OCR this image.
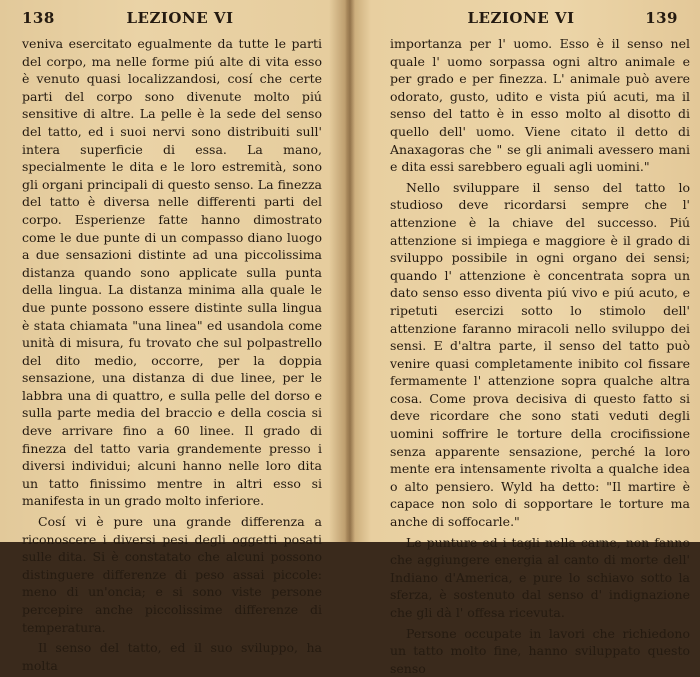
138	LEZIONE VI

veniva esercitato egualmente da tutte le parti del corpo, ma nelle forme piú alte di vita esso è venuto quasi localizzandosi, cosí che certe parti del corpo sono divenute molto piú sensitive di altre. La pelle è la sede del senso del tatto, ed i suoi nervi sono distribuiti sull' intera superficie di essa. La mano, specialmente le dita e le loro estremità, sono gli organi principali di questo senso. La finezza del tatto è diversa nelle differenti parti del corpo. Esperienze fatte hanno dimostrato come le due punte di un compasso diano luogo a due sensazioni distinte ad una piccolissima distanza quando sono applicate sulla punta della lingua. La distanza minima alla quale le due punte possono essere distinte sulla lingua è stata chiamata "una linea" ed usandola come unità di misura, fu trovato che sul polpastrello del dito medio, occorre, per la doppia sensazione, una distanza di due linee, per le labbra una di quattro, e sulla pelle del dorso e sulla parte media del braccio e della coscia si deve arrivare fino a 60 linee. Il grado di finezza del tatto varia grandemente presso i diversi individui; alcuni hanno nelle loro dita un tatto finissimo mentre in altri esso si manifesta in un grado molto inferiore.

Cosí vi è pure una grande differenza a riconoscere i diversi pesi degli oggetti posati sulle dita. Si è constatato che alcuni possono distinguere differenze di peso assai piccole: meno di un'oncia; e si sono viste persone percepire anche piccolissime differenze di temperatura.

Il senso del tatto, ed il suo sviluppo, ha molta

LEZIONE VI	139

importanza per l' uomo. Esso è il senso nel quale l' uomo sorpassa ogni altro animale e per grado e per finezza. L' animale può avere odorato, gusto, udito e vista piú acuti, ma il senso del tatto è in esso molto al disotto di quello dell' uomo. Viene citato il detto di Anaxagoras che " se gli animali avessero mani e dita essi sarebbero eguali agli uomini."

Nello sviluppare il senso del tatto lo studioso deve ricordarsi sempre che l' attenzione è la chiave del successo. Piú attenzione si impiega e maggiore è il grado di sviluppo possibile in ogni organo dei sensi; quando l' attenzione è concentrata sopra un dato senso esso diventa piú vivo e piú acuto, e ripetuti esercizi sotto lo stimolo dell' attenzione faranno miracoli nello sviluppo dei sensi. E d'altra parte, il senso del tatto può venire quasi completamente inibito col fissare fermamente l' attenzione sopra qualche altra cosa. Come prova decisiva di questo fatto si deve ricordare che sono stati veduti degli uomini soffrire le torture della crocifissione senza apparente sensazione, perché la loro mente era intensamente rivolta a qualche idea o alto pensiero. Wyld ha detto: "Il martire è capace non solo di sopportare le torture ma anche di soffocarle."

Le punture ed i tagli nella carne, non fanno che aggiungere energia al canto di morte dell' Indiano d'America, e pure lo schiavo sotto la sferza, è sostenuto dal senso d' indignazione che gli dà l' offesa ricevuta.

Persone occupate in lavori che richiedono un tatto molto fine, hanno sviluppato questo senso
